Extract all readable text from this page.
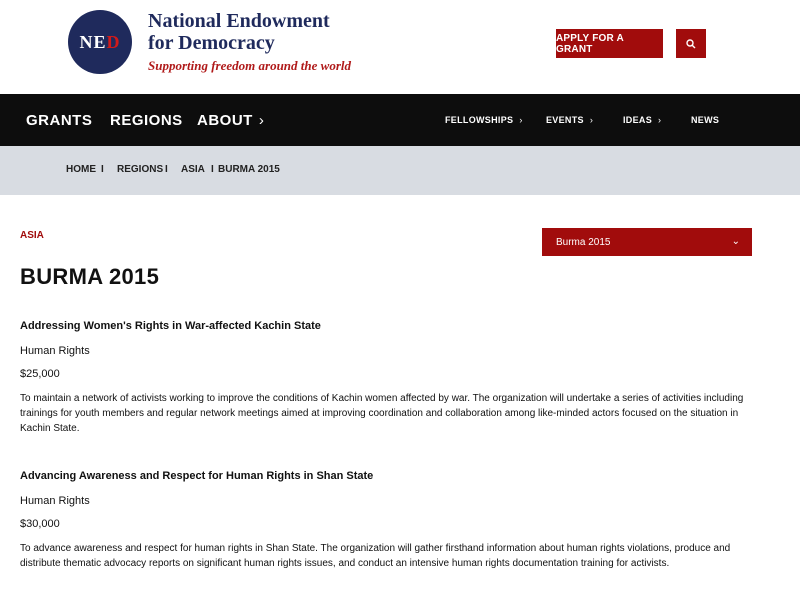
NED
National Endowment
for Democracy
Supporting freedom around the world
APPLY FOR A GRANT
GRANTS REGIONS ABOUT ›	FELLOWSHIPS ›	EVENTS ›	IDEAS ›	NEWS
HOME I REGIONS I ASIA I BURMA 2015
ASIA
BURMA 2015
Burma 2015	⌄
Addressing Women's Rights in War-affected Kachin State
Human Rights
$25,000
To maintain a network of activists working to improve the conditions of Kachin women affected by war. The organization will undertake a series of activities including trainings for youth members and regular network meetings aimed at improving coordination and collaboration among like-minded actors focused on the situation in Kachin State.
Advancing Awareness and Respect for Human Rights in Shan State
Human Rights
$30,000
To advance awareness and respect for human rights in Shan State. The organization will gather firsthand information about human rights violations, produce and distribute thematic advocacy reports on significant human rights issues, and conduct an intensive human rights documentation training for activists.
